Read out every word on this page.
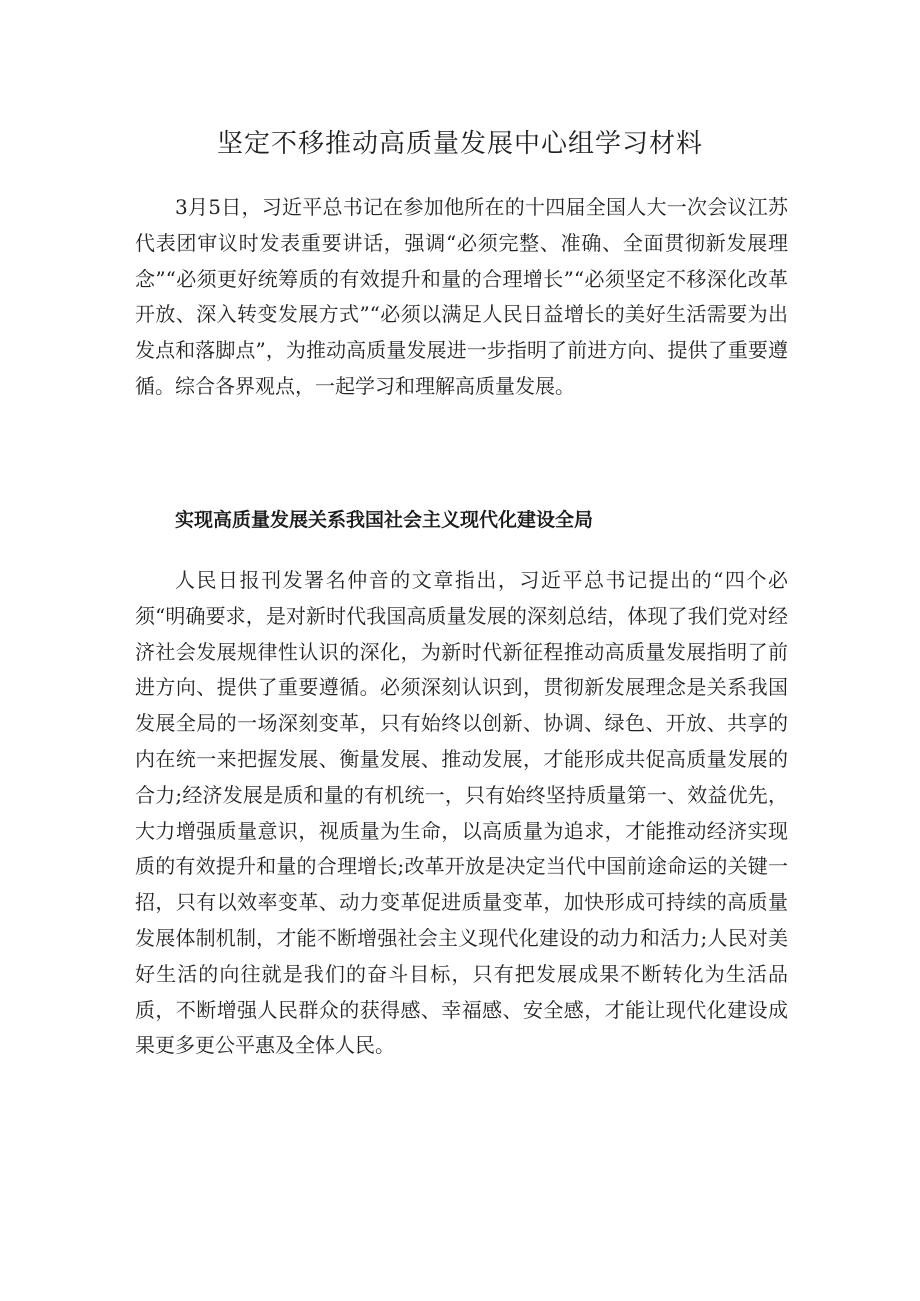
坚定不移推动高质量发展中心组学习材料

3月5日，习近平总书记在参加他所在的十四届全国人大一次会议江苏代表团审议时发表重要讲话，强调“必须完整、准确、全面贯彻新发展理念”“必须更好统筹质的有效提升和量的合理增长”“必须坚定不移深化改革开放、深入转变发展方式”“必须以满足人民日益增长的美好生活需要为出发点和落脚点”，为推动高质量发展进一步指明了前进方向、提供了重要遵循。综合各界观点，一起学习和理解高质量发展。

实现高质量发展关系我国社会主义现代化建设全局

人民日报刊发署名仲音的文章指出，习近平总书记提出的“四个必须“明确要求，是对新时代我国高质量发展的深刻总结，体现了我们党对经济社会发展规律性认识的深化，为新时代新征程推动高质量发展指明了前进方向、提供了重要遵循。必须深刻认识到，贯彻新发展理念是关系我国发展全局的一场深刻变革，只有始终以创新、协调、绿色、开放、共享的内在统一来把握发展、衡量发展、推动发展，才能形成共促高质量发展的合力;经济发展是质和量的有机统一，只有始终坚持质量第一、效益优先，大力增强质量意识，视质量为生命，以高质量为追求，才能推动经济实现质的有效提升和量的合理增长;改革开放是决定当代中国前途命运的关键一招，只有以效率变革、动力变革促进质量变革，加快形成可持续的高质量发展体制机制，才能不断增强社会主义现代化建设的动力和活力;人民对美好生活的向往就是我们的奋斗目标，只有把发展成果不断转化为生活品质，不断增强人民群众的获得感、幸福感、安全感，才能让现代化建设成果更多更公平惠及全体人民。
